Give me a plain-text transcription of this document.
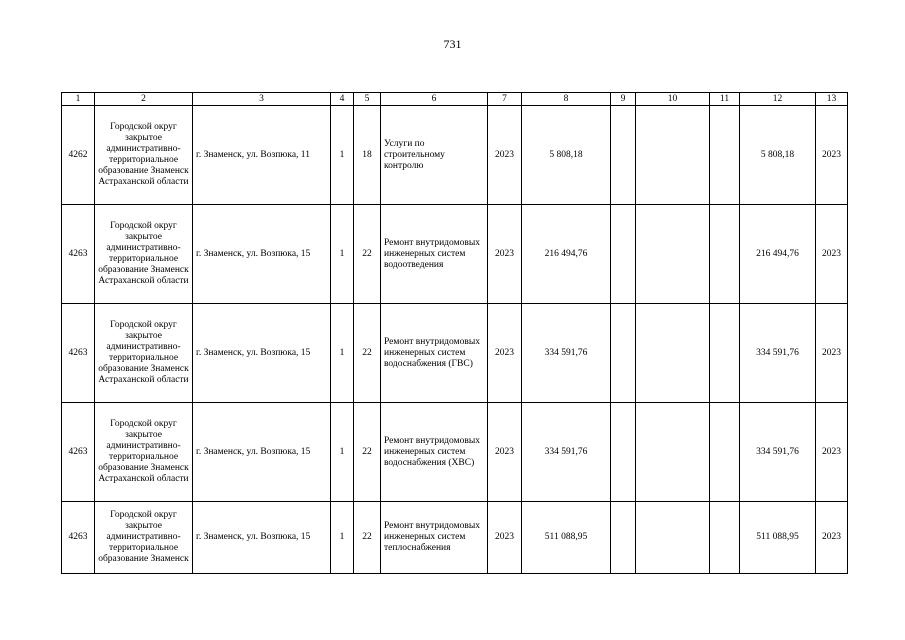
731
1	2	3	4	5	6	7	8	9	10	11	12	13
4262	Городской округ закрытое административно-территориальное образование Знаменск Астраханской области	г. Знаменск, ул. Возпюка, 11	1	18	Услуги по строительному контролю	2023	5 808,18				5 808,18	2023
4263	Городской округ закрытое административно-территориальное образование Знаменск Астраханской области	г. Знаменск, ул. Возпюка, 15	1	22	Ремонт внутридомовых инженерных систем водоотведения	2023	216 494,76				216 494,76	2023
4263	Городской округ закрытое административно-территориальное образование Знаменск Астраханской области	г. Знаменск, ул. Возпюка, 15	1	22	Ремонт внутридомовых инженерных систем водоснабжения (ГВС)	2023	334 591,76				334 591,76	2023
4263	Городской округ закрытое административно-территориальное образование Знаменск Астраханской области	г. Знаменск, ул. Возпюка, 15	1	22	Ремонт внутридомовых инженерных систем водоснабжения (ХВС)	2023	334 591,76				334 591,76	2023
4263	Городской округ закрытое административно-территориальное образование Знаменск	г. Знаменск, ул. Возпюка, 15	1	22	Ремонт внутридомовых инженерных систем теплоснабжения	2023	511 088,95				511 088,95	2023
